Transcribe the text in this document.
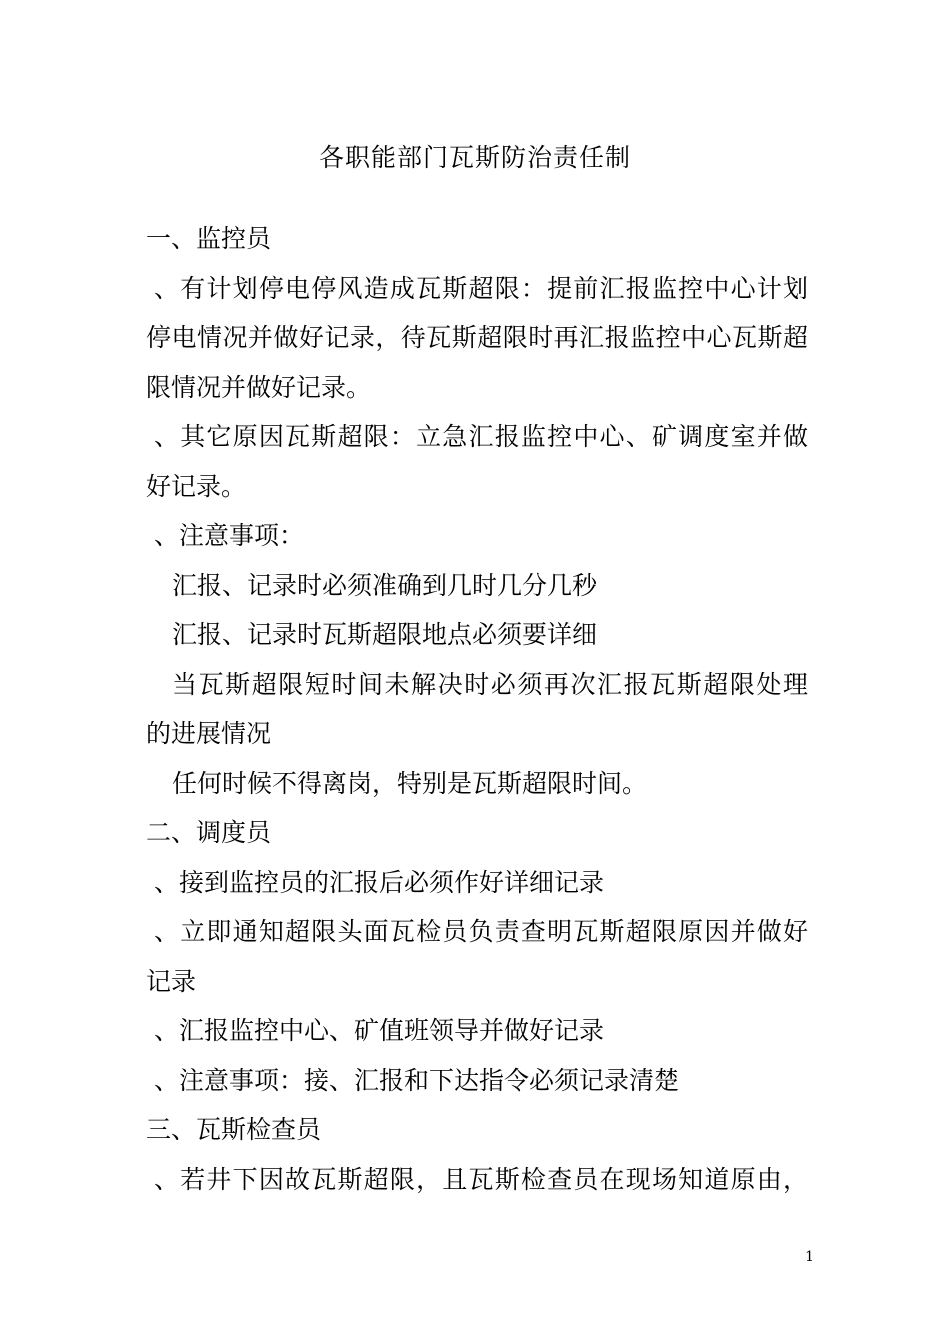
各职能部门瓦斯防治责任制
一、监控员
、有计划停电停风造成瓦斯超限：提前汇报监控中心计划
停电情况并做好记录，待瓦斯超限时再汇报监控中心瓦斯超
限情况并做好记录。
、其它原因瓦斯超限：立急汇报监控中心、矿调度室并做
好记录。
、注意事项：
汇报、记录时必须准确到几时几分几秒
汇报、记录时瓦斯超限地点必须要详细
当瓦斯超限短时间未解决时必须再次汇报瓦斯超限处理
的进展情况
任何时候不得离岗，特别是瓦斯超限时间。
二、调度员
、接到监控员的汇报后必须作好详细记录
、立即通知超限头面瓦检员负责查明瓦斯超限原因并做好
记录
、汇报监控中心、矿值班领导并做好记录
、注意事项：接、汇报和下达指令必须记录清楚
三、瓦斯检查员
、若井下因故瓦斯超限，且瓦斯检查员在现场知道原由，
1
